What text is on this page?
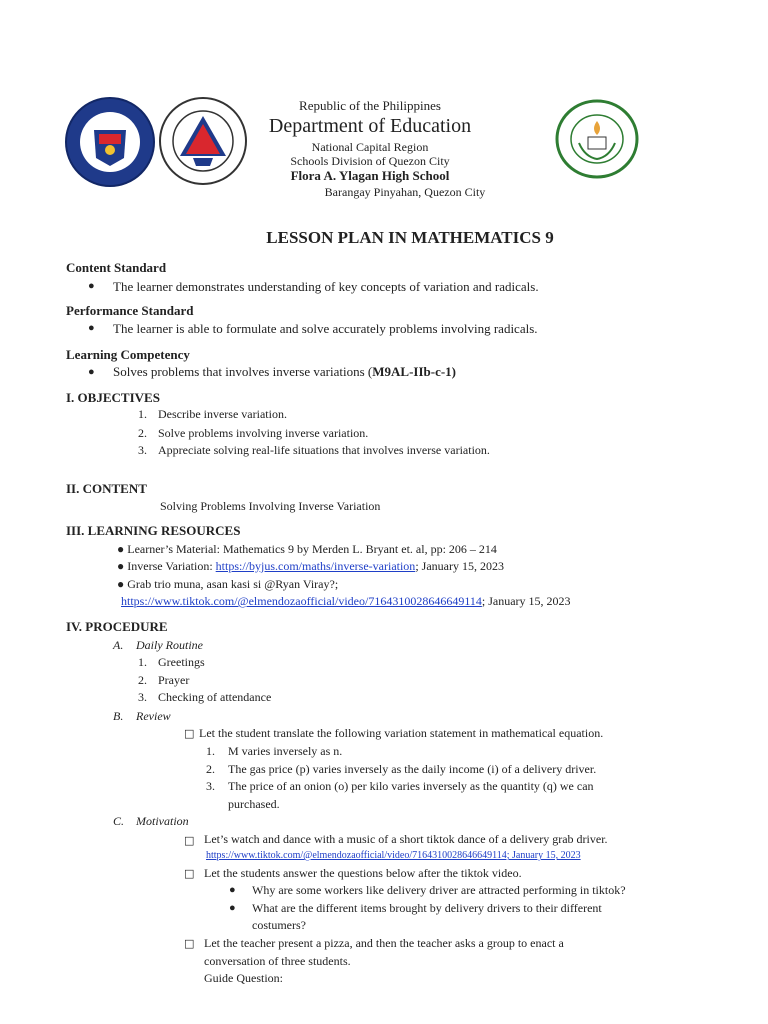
Republic of the Philippines
Department of Education
National Capital Region
Schools Division of Quezon City
Flora A. Ylagan High School
Barangay Pinyahan, Quezon City
LESSON PLAN IN MATHEMATICS 9
Content Standard
● The learner demonstrates understanding of key concepts of variation and radicals.
Performance Standard
● The learner is able to formulate and solve accurately problems involving radicals.
Learning Competency
● Solves problems that involves inverse variations (M9AL-IIb-c-1)
I. OBJECTIVES
1. Describe inverse variation.
2. Solve problems involving inverse variation.
3. Appreciate solving real-life situations that involves inverse variation.
II. CONTENT
Solving Problems Involving Inverse Variation
III. LEARNING RESOURCES
● Learner’s Material: Mathematics 9 by Merden L. Bryant et. al, pp: 206 – 214
● Inverse Variation: https://byjus.com/maths/inverse-variation; January 15, 2023
● Grab trio muna, asan kasi si @Ryan Viray?;
https://www.tiktok.com/@elmendozaofficial/video/7164310028646649114; January 15, 2023
IV. PROCEDURE
A. Daily Routine
1. Greetings
2. Prayer
3. Checking of attendance
B. Review
□ Let the student translate the following variation statement in mathematical equation.
1. M varies inversely as n.
2. The gas price (p) varies inversely as the daily income (i) of a delivery driver.
3. The price of an onion (o) per kilo varies inversely as the quantity (q) we can
purchased.
C. Motivation
□ Let’s watch and dance with a music of a short tiktok dance of a delivery grab driver.
https://www.tiktok.com/@elmendozaofficial/video/7164310028646649114; January 15, 2023
□ Let the students answer the questions below after the tiktok video.
● Why are some workers like delivery driver are attracted performing in tiktok?
● What are the different items brought by delivery drivers to their different
costumers?
□ Let the teacher present a pizza, and then the teacher asks a group to enact a
conversation of three students.
Guide Question:
